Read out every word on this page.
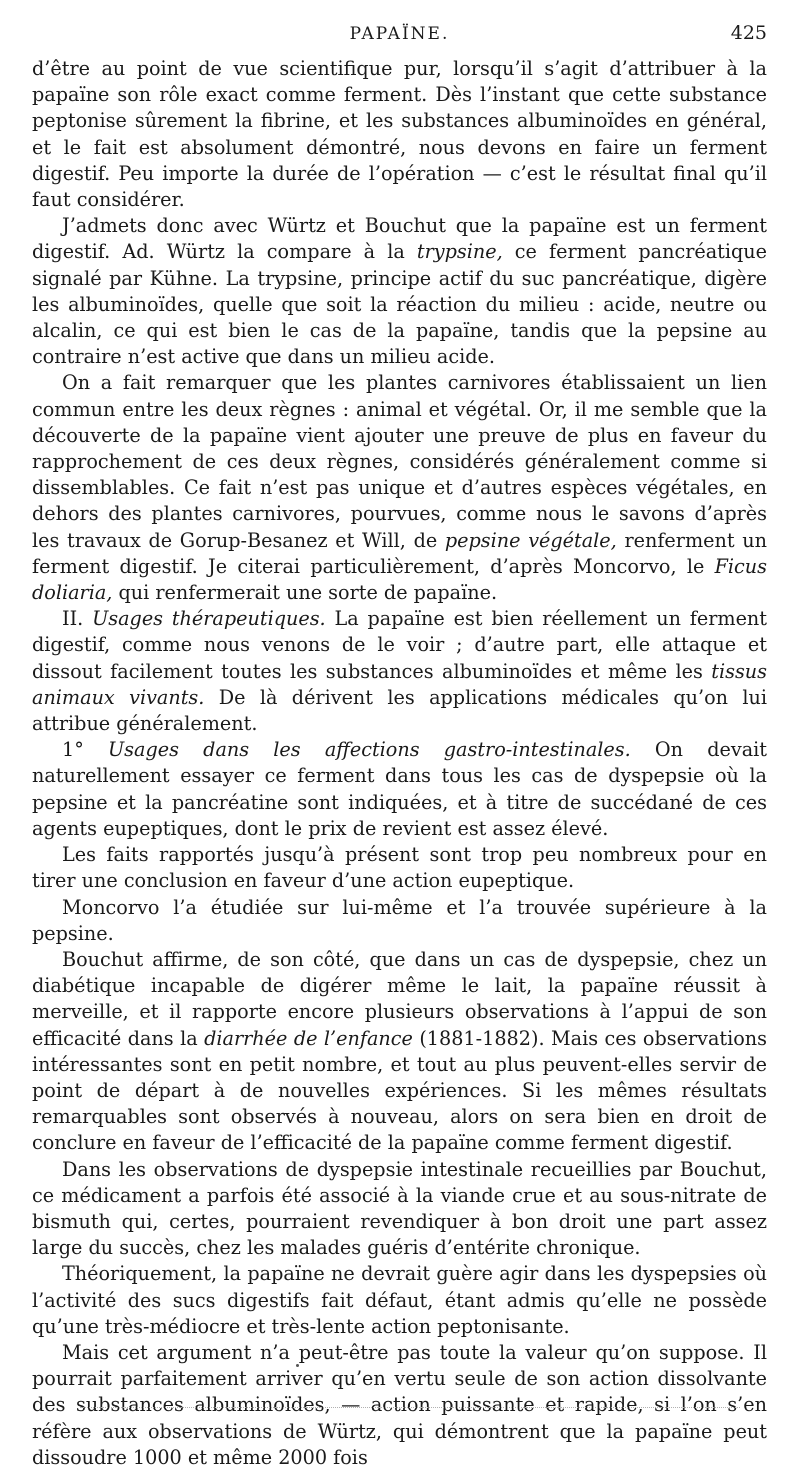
PAPAÏNE.	425

d’être au point de vue scientifique pur, lorsqu’il s’agit d’attribuer à la papaïne son rôle exact comme ferment. Dès l’instant que cette substance peptonise sûrement la fibrine, et les substances albuminoïdes en général, et le fait est absolument démontré, nous devons en faire un ferment digestif. Peu importe la durée de l’opération — c’est le résultat final qu’il faut considérer.

J’admets donc avec Würtz et Bouchut que la papaïne est un ferment digestif. Ad. Würtz la compare à la trypsine, ce ferment pancréatique signalé par Kühne. La trypsine, principe actif du suc pancréatique, digère les albuminoïdes, quelle que soit la réaction du milieu : acide, neutre ou alcalin, ce qui est bien le cas de la papaïne, tandis que la pepsine au contraire n’est active que dans un milieu acide.

On a fait remarquer que les plantes carnivores établissaient un lien commun entre les deux règnes : animal et végétal. Or, il me semble que la découverte de la papaïne vient ajouter une preuve de plus en faveur du rapprochement de ces deux règnes, considérés généralement comme si dissemblables. Ce fait n’est pas unique et d’autres espèces végétales, en dehors des plantes carnivores, pourvues, comme nous le savons d’après les travaux de Gorup-Besanez et Will, de pepsine végétale, renferment un ferment digestif. Je citerai particulièrement, d’après Moncorvo, le Ficus doliaria, qui renfermerait une sorte de papaïne.

II. Usages thérapeutiques. La papaïne est bien réellement un ferment digestif, comme nous venons de le voir ; d’autre part, elle attaque et dissout facilement toutes les substances albuminoïdes et même les tissus animaux vivants. De là dérivent les applications médicales qu’on lui attribue généralement.

1° Usages dans les affections gastro-intestinales. On devait naturellement essayer ce ferment dans tous les cas de dyspepsie où la pepsine et la pancréatine sont indiquées, et à titre de succédané de ces agents eupeptiques, dont le prix de revient est assez élevé.

Les faits rapportés jusqu’à présent sont trop peu nombreux pour en tirer une conclusion en faveur d’une action eupeptique.

Moncorvo l’a étudiée sur lui-même et l’a trouvée supérieure à la pepsine.

Bouchut affirme, de son côté, que dans un cas de dyspepsie, chez un diabétique incapable de digérer même le lait, la papaïne réussit à merveille, et il rapporte encore plusieurs observations à l’appui de son efficacité dans la diarrhée de l’enfance (1881-1882). Mais ces observations intéressantes sont en petit nombre, et tout au plus peuvent-elles servir de point de départ à de nouvelles expériences. Si les mêmes résultats remarquables sont observés à nouveau, alors on sera bien en droit de conclure en faveur de l’efficacité de la papaïne comme ferment digestif.

Dans les observations de dyspepsie intestinale recueillies par Bouchut, ce médicament a parfois été associé à la viande crue et au sous-nitrate de bismuth qui, certes, pourraient revendiquer à bon droit une part assez large du succès, chez les malades guéris d’entérite chronique.

Théoriquement, la papaïne ne devrait guère agir dans les dyspepsies où l’activité des sucs digestifs fait défaut, étant admis qu’elle ne possède qu’une très-médiocre et très-lente action peptonisante.

Mais cet argument n’a peut-être pas toute la valeur qu’on suppose. Il pourrait parfaitement arriver qu’en vertu seule de son action dissolvante des substances albuminoïdes, — action puissante et rapide, si l’on s’en réfère aux observations de Würtz, qui démontrent que la papaïne peut dissoudre 1000 et même 2000 fois
